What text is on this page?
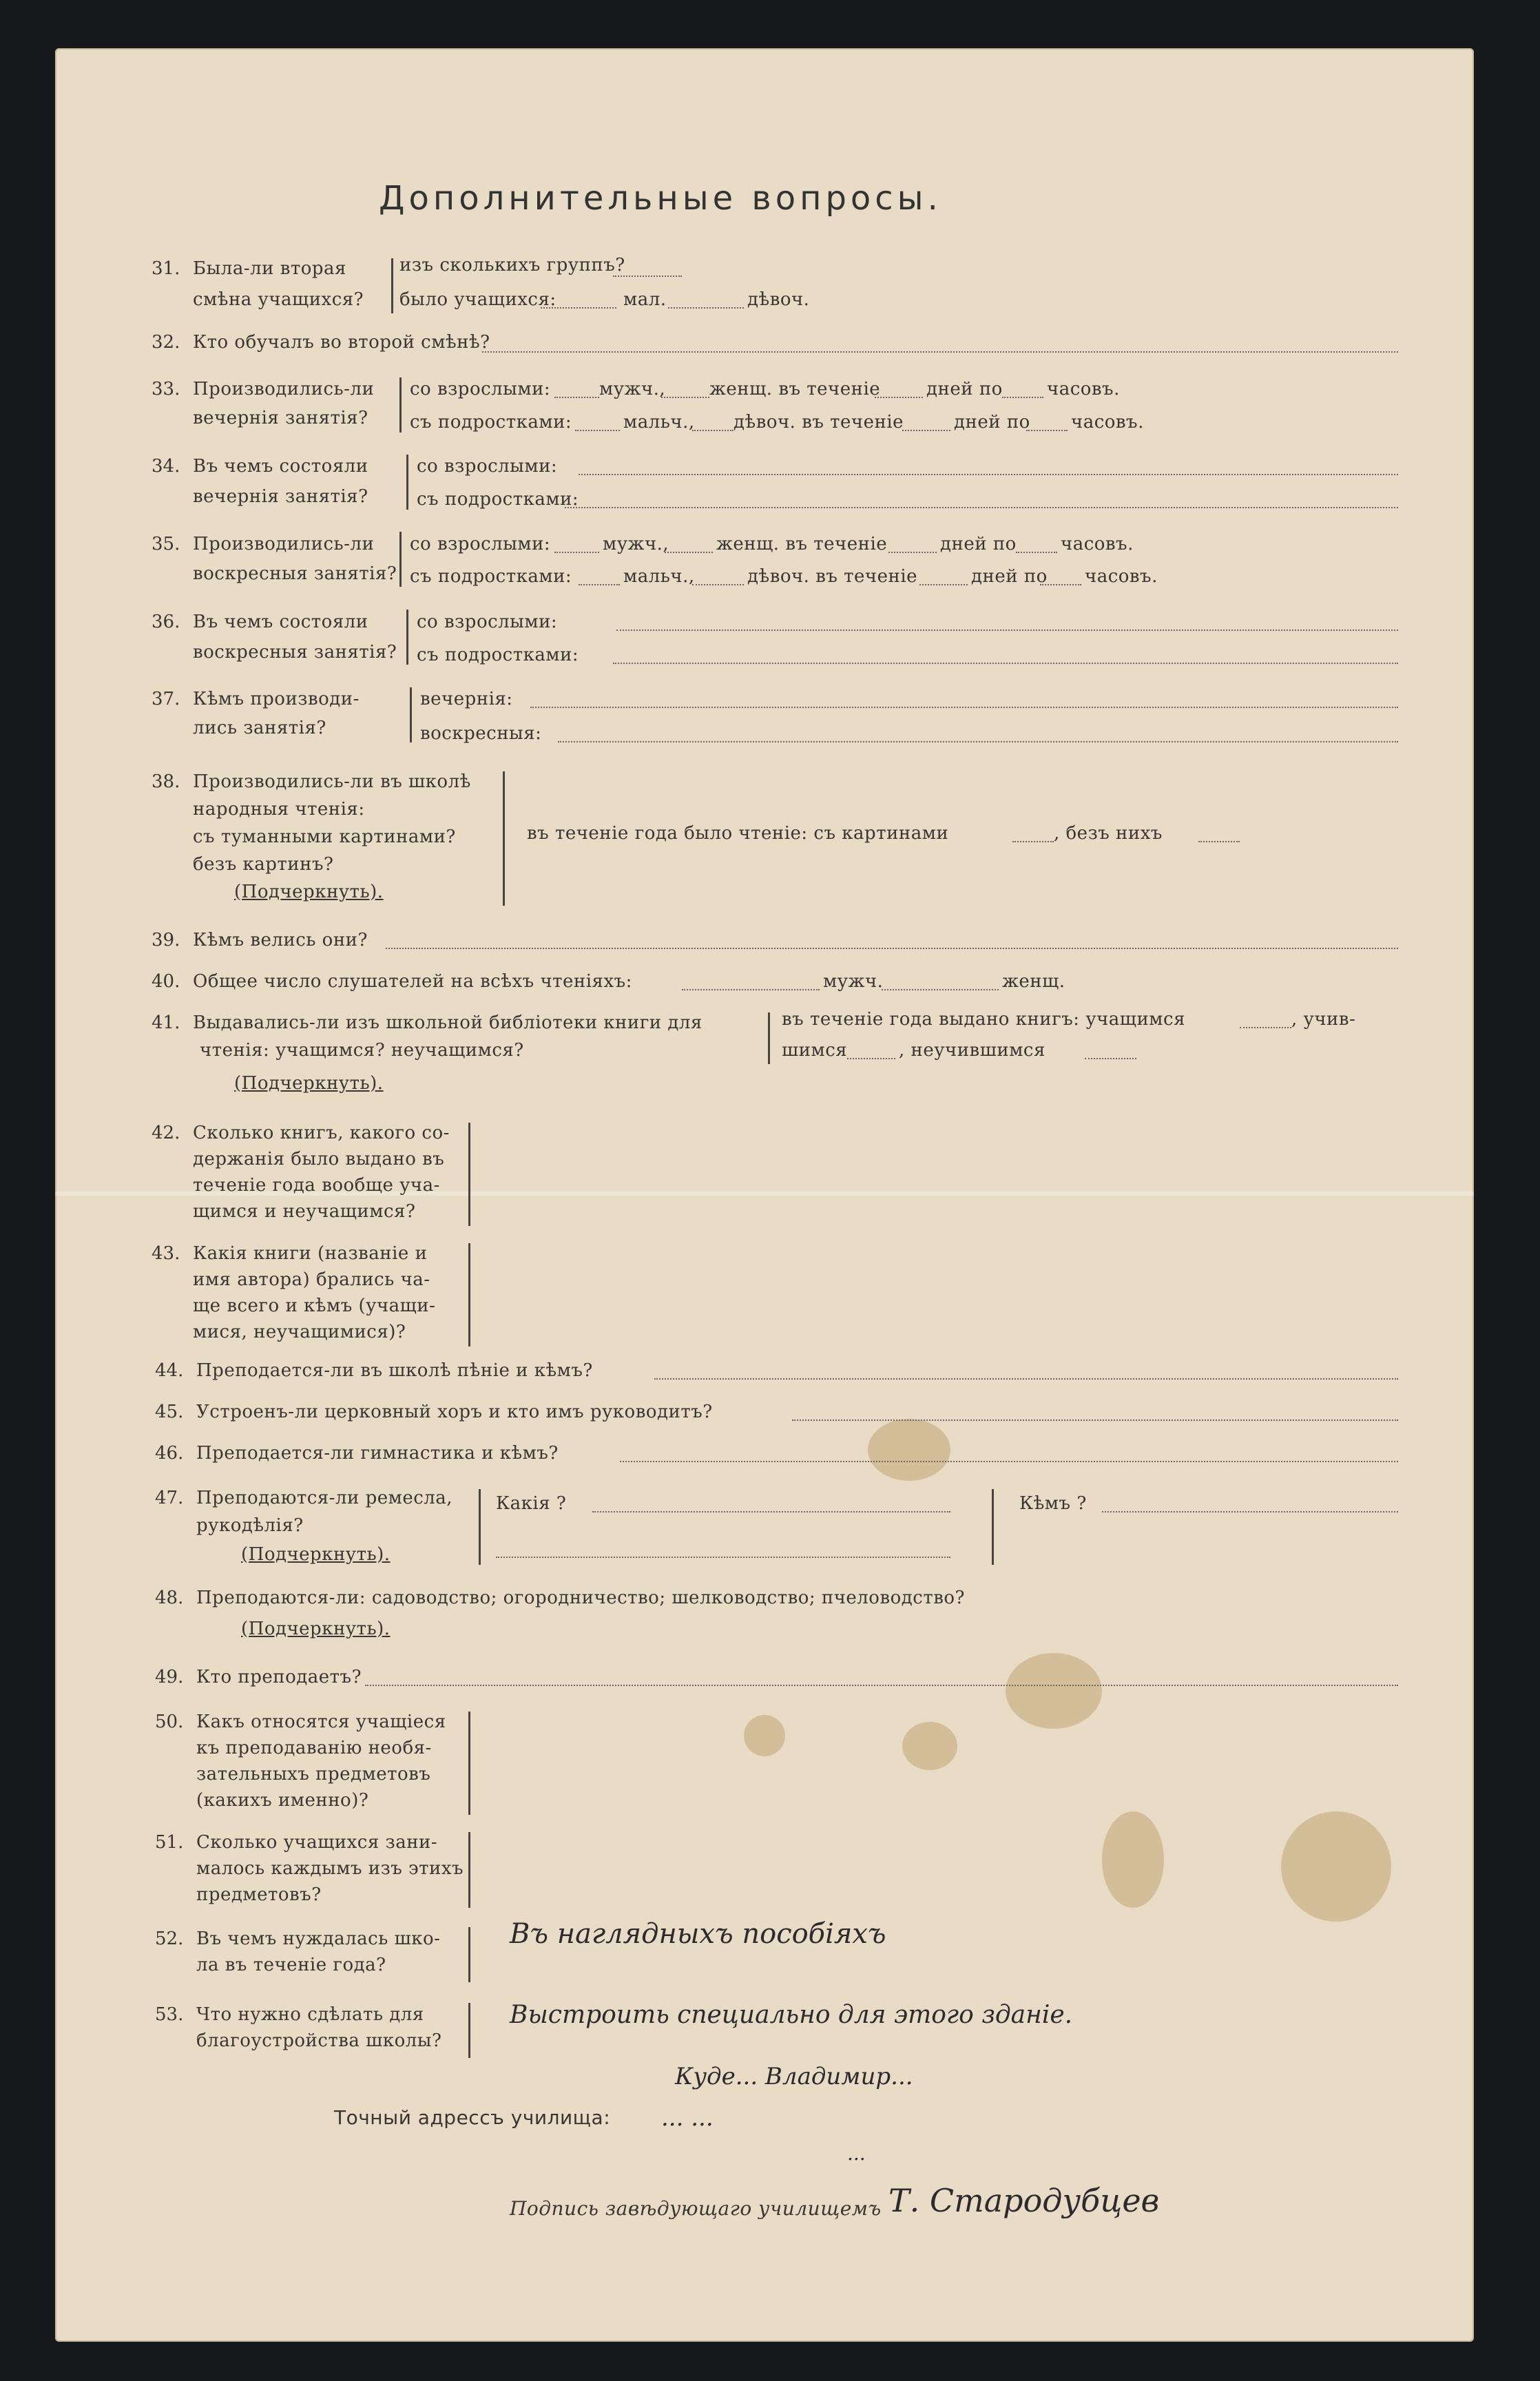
Дополнительные вопросы.
31. Была-ли вторая
смѣна учащихся?
изъ сколькихъ группъ?
было учащихся:	мал.	дѣвоч.
32. Кто обучалъ во второй смѣнѣ?
33. Производились-ли
вечернія занятія?
со взрослыми:	мужч., женщ. въ теченіе	дней по часовъ.
съ подростками:	мальч., дѣвоч. въ теченіе	дней по часовъ.
34. Въ чемъ состояли
вечернія занятія?
со взрослыми:
съ подростками:
35. Производились-ли
воскресныя занятія?
со взрослыми:	мужч.,	женщ. въ теченіе	дней по часовъ.
съ подростками:	мальч.,	дѣвоч. въ теченіе	дней по часовъ.
36. Въ чемъ состояли
воскресныя занятія?
со взрослыми:
съ подростками:
37. Кѣмъ производи-
лись занятія?
вечернія:
воскресныя:
38. Производились-ли въ школѣ
народныя чтенія:
съ туманными картинами?
безъ картинъ?
(Подчеркнуть).
въ теченіе года было чтеніе: съ картинами	, безъ нихъ
39. Кѣмъ велись они?
40. Общее число слушателей на всѣхъ чтеніяхъ:	мужч.	женщ.
41. Выдавались-ли изъ школьной библіотеки книги для
чтенія: учащимся? неучащимся?
(Подчеркнуть).
въ теченіе года выдано книгъ: учащимся	, учив-
шимся	, неучившимся
42. Сколько книгъ, какого со-
держанія было выдано въ
теченіе года вообще уча-
щимся и неучащимся?
43. Какія книги (названіе и
имя автора) брались ча-
ще всего и кѣмъ (учащи-
мися, неучащимися)?
44. Преподается-ли въ школѣ пѣніе и кѣмъ?
45. Устроенъ-ли церковный хоръ и кто имъ руководитъ?
46. Преподается-ли гимнастика и кѣмъ?
47. Преподаются-ли ремесла,
рукодѣлія?
(Подчеркнуть).
Какія ?	Кѣмъ ?
48. Преподаются-ли: садоводство; огородничество; шелководство; пчеловодство?
(Подчеркнуть).
49. Кто преподаетъ?
50. Какъ относятся учащіеся
къ преподаванію необя-
зательныхъ предметовъ
(какихъ именно)?
51. Сколько учащихся зани-
малось каждымъ изъ этихъ
предметовъ?
52. Въ чемъ нуждалась шко-
ла въ теченіе года?
Въ наглядныхъ пособіяхъ
53. Что нужно сдѣлать для
благоустройства школы?
Выстроить специально для этого зданіе.
Точный адрессъ училища:
Куде... Владимир...
... ...
...
Подпись завѣдующаго училищемъ Т. Стародубцев
